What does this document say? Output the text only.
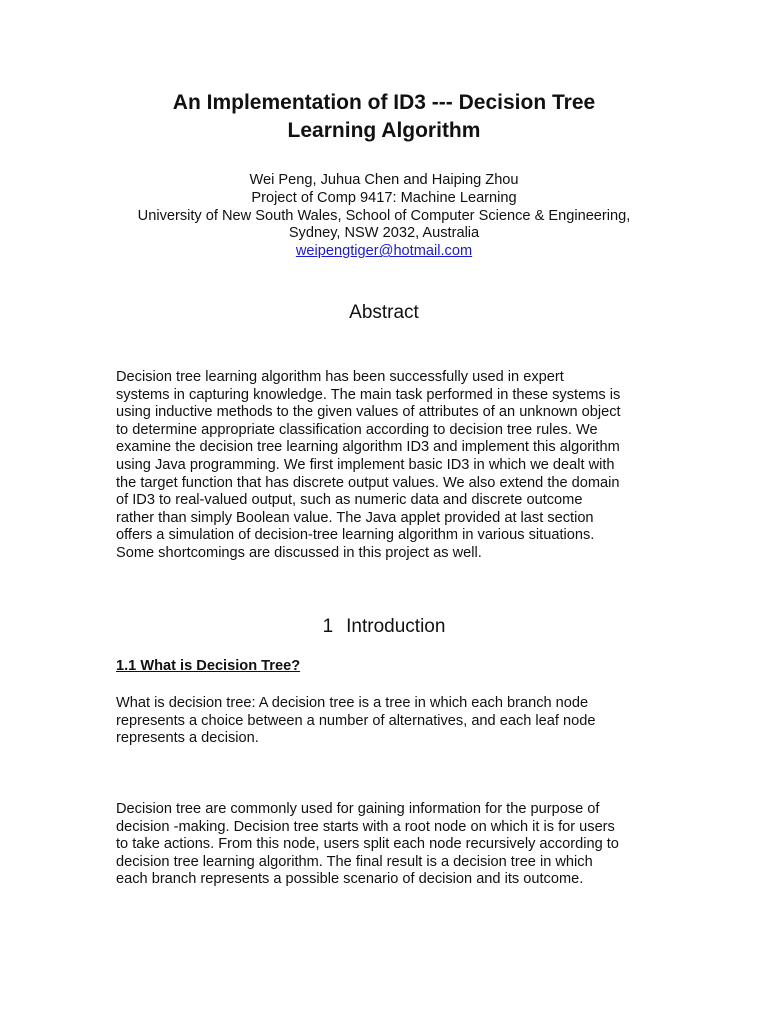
An Implementation of ID3 --- Decision Tree
Learning Algorithm
Wei Peng, Juhua Chen and Haiping Zhou
Project of Comp 9417: Machine Learning
University of New South Wales, School of Computer Science & Engineering,
Sydney, NSW 2032, Australia
weipengtiger@hotmail.com
Abstract
Decision tree learning algorithm has been successfully used in expert
systems in capturing knowledge. The main task performed in these systems is
using inductive methods to the given values of attributes of an unknown object
to determine appropriate classification according to decision tree rules. We
examine the decision tree learning algorithm ID3 and implement this algorithm
using Java programming. We first implement basic ID3 in which we dealt with
the target function that has discrete output values. We also extend the domain
of ID3 to real-valued output, such as numeric data and discrete outcome
rather than simply Boolean value. The Java applet provided at last section
offers a simulation of decision-tree learning algorithm in various situations.
Some shortcomings are discussed in this project as well.
1 Introduction
1.1 What is Decision Tree?
What is decision tree: A decision tree is a tree in which each branch node
represents a choice between a number of alternatives, and each leaf node
represents a decision.
Decision tree are commonly used for gaining information for the purpose of
decision -making. Decision tree starts with a root node on which it is for users
to take actions. From this node, users split each node recursively according to
decision tree learning algorithm. The final result is a decision tree in which
each branch represents a possible scenario of decision and its outcome.
